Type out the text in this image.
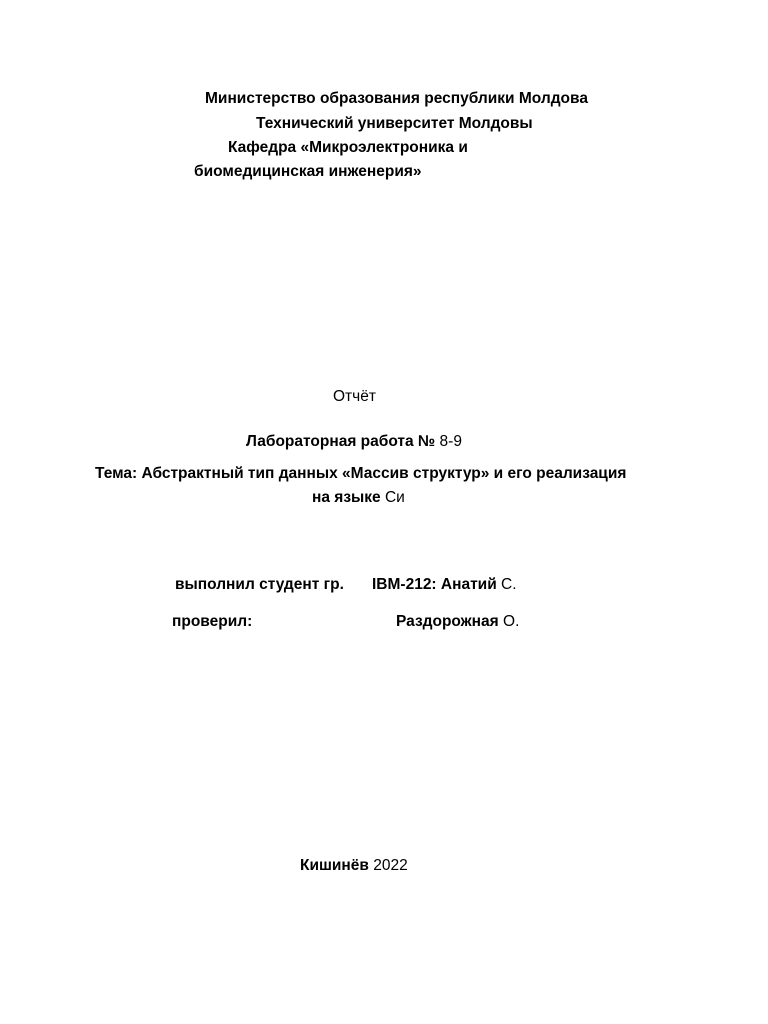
Министерство образования республики Молдова
Технический университет Молдовы
Кафедра «Микроэлектроника и
биомедицинская инженерия»
Отчёт
Лабораторная работа № 8-9
Тема: Абстрактный тип данных «Массив структур» и его реализация
на языке Си
выполнил студент гр. IBM-212: Анатий С.
проверил:	Раздорожная О.
Кишинёв 2022
